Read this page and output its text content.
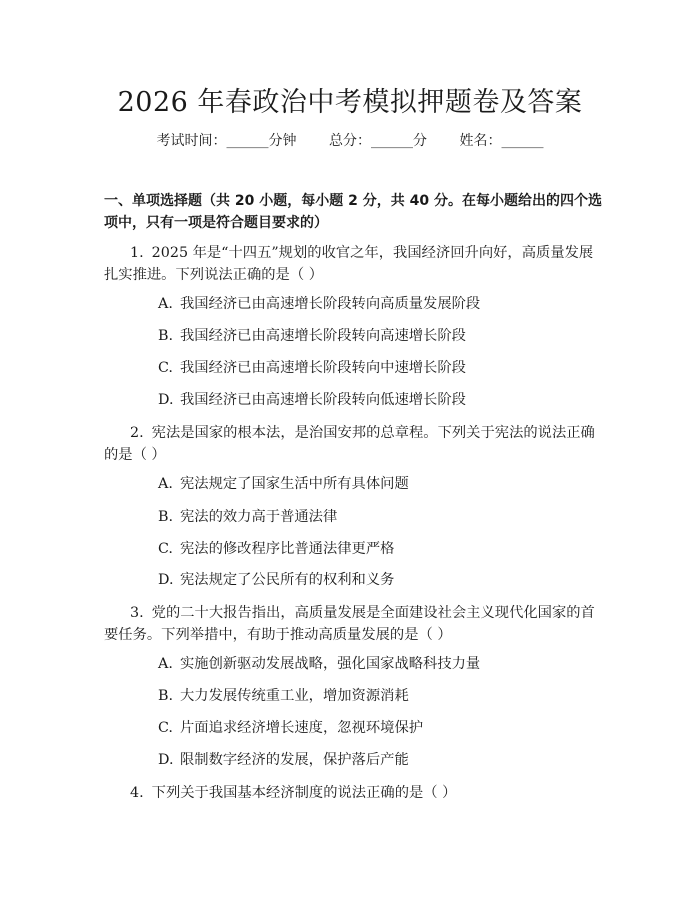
2026 年春政治中考模拟押题卷及答案
考试时间：______分钟 总分：______分 姓名：______
一、单项选择题（共 20 小题，每小题 2 分，共 40 分。在每小题给出的四个选项中，只有一项是符合题目要求的）
1. 2025 年是“十四五”规划的收官之年，我国经济回升向好，高质量发展扎实推进。下列说法正确的是（ ）
A. 我国经济已由高速增长阶段转向高质量发展阶段
B. 我国经济已由高速增长阶段转向高速增长阶段
C. 我国经济已由高速增长阶段转向中速增长阶段
D. 我国经济已由高速增长阶段转向低速增长阶段
2. 宪法是国家的根本法，是治国安邦的总章程。下列关于宪法的说法正确的是（ ）
A. 宪法规定了国家生活中所有具体问题
B. 宪法的效力高于普通法律
C. 宪法的修改程序比普通法律更严格
D. 宪法规定了公民所有的权利和义务
3. 党的二十大报告指出，高质量发展是全面建设社会主义现代化国家的首要任务。下列举措中，有助于推动高质量发展的是（ ）
A. 实施创新驱动发展战略，强化国家战略科技力量
B. 大力发展传统重工业，增加资源消耗
C. 片面追求经济增长速度，忽视环境保护
D. 限制数字经济的发展，保护落后产能
4. 下列关于我国基本经济制度的说法正确的是（ ）
